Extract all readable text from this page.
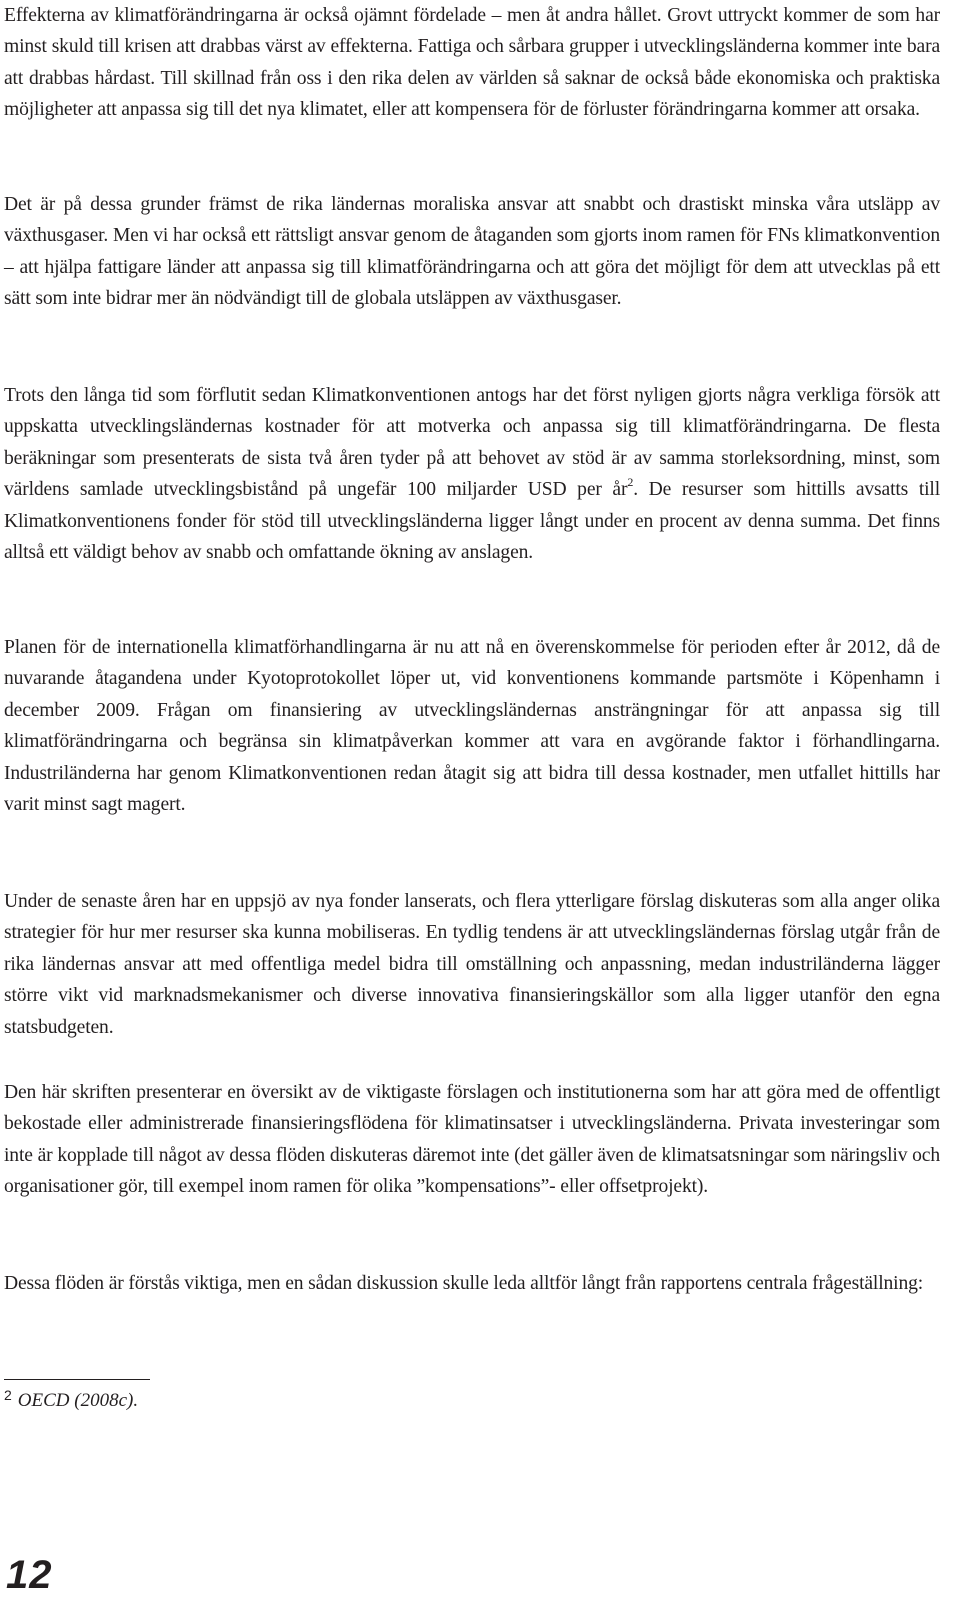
Effekterna av klimatförändringarna är också ojämnt fördelade – men åt andra hållet. Grovt uttryckt kommer de som har minst skuld till krisen att drabbas värst av effekterna. Fattiga och sårbara grupper i utvecklingsländerna kommer inte bara att drabbas hårdast. Till skillnad från oss i den rika delen av världen så saknar de också både ekonomiska och praktiska möjligheter att anpassa sig till det nya klimatet, eller att kompensera för de förluster förändringarna kommer att orsaka.

Det är på dessa grunder främst de rika ländernas moraliska ansvar att snabbt och drastiskt minska våra utsläpp av växthusgaser. Men vi har också ett rättsligt ansvar genom de åtaganden som gjorts inom ramen för FNs klimatkonvention – att hjälpa fattigare länder att anpassa sig till klimatförändringarna och att göra det möjligt för dem att utvecklas på ett sätt som inte bidrar mer än nödvändigt till de globala utsläppen av växthusgaser.

Trots den långa tid som förflutit sedan Klimatkonventionen antogs har det först nyligen gjorts några verkliga försök att uppskatta utvecklingsländernas kostnader för att motverka och anpassa sig till klimatförändringarna. De flesta beräkningar som presenterats de sista två åren tyder på att behovet av stöd är av samma storleksordning, minst, som världens samlade utvecklingsbistånd på ungefär 100 miljarder USD per $år^2$. De resurser som hittills avsatts till Klimatkonventionens fonder för stöd till utvecklingsländerna ligger långt under en procent av denna summa. Det finns alltså ett väldigt behov av snabb och omfattande ökning av anslagen.

Planen för de internationella klimatförhandlingarna är nu att nå en överenskommelse för perioden efter år 2012, då de nuvarande åtagandena under Kyotoprotokollet löper ut, vid konventionens kommande partsmöte i Köpenhamn i december 2009. Frågan om finansiering av utvecklingsländernas ansträngningar för att anpassa sig till klimatförändringarna och begränsa sin klimatpåverkan kommer att vara en avgörande faktor i förhandlingarna. Industriländerna har genom Klimatkonventionen redan åtagit sig att bidra till dessa kostnader, men utfallet hittills har varit minst sagt magert.

Under de senaste åren har en uppsjö av nya fonder lanserats, och flera ytterligare förslag diskuteras som alla anger olika strategier för hur mer resurser ska kunna mobiliseras. En tydlig tendens är att utvecklingsländernas förslag utgår från de rika ländernas ansvar att med offentliga medel bidra till omställning och anpassning, medan industriländerna lägger större vikt vid marknadsmekanismer och diverse innovativa finansieringskällor som alla ligger utanför den egna statsbudgeten.

Den här skriften presenterar en översikt av de viktigaste förslagen och institutionerna som har att göra med de offentligt bekostade eller administrerade finansieringsflödena för klimatinsatser i utvecklingsländerna. Privata investeringar som inte är kopplade till något av dessa flöden diskuteras däremot inte (det gäller även de klimatsatsningar som näringsliv och organisationer gör, till exempel inom ramen för olika ”kompensations”- eller offsetprojekt).

Dessa flöden är förstås viktiga, men en sådan diskussion skulle leda alltför långt från rapportens centrala frågeställning:

$^2$ OECD (2008c).
12
